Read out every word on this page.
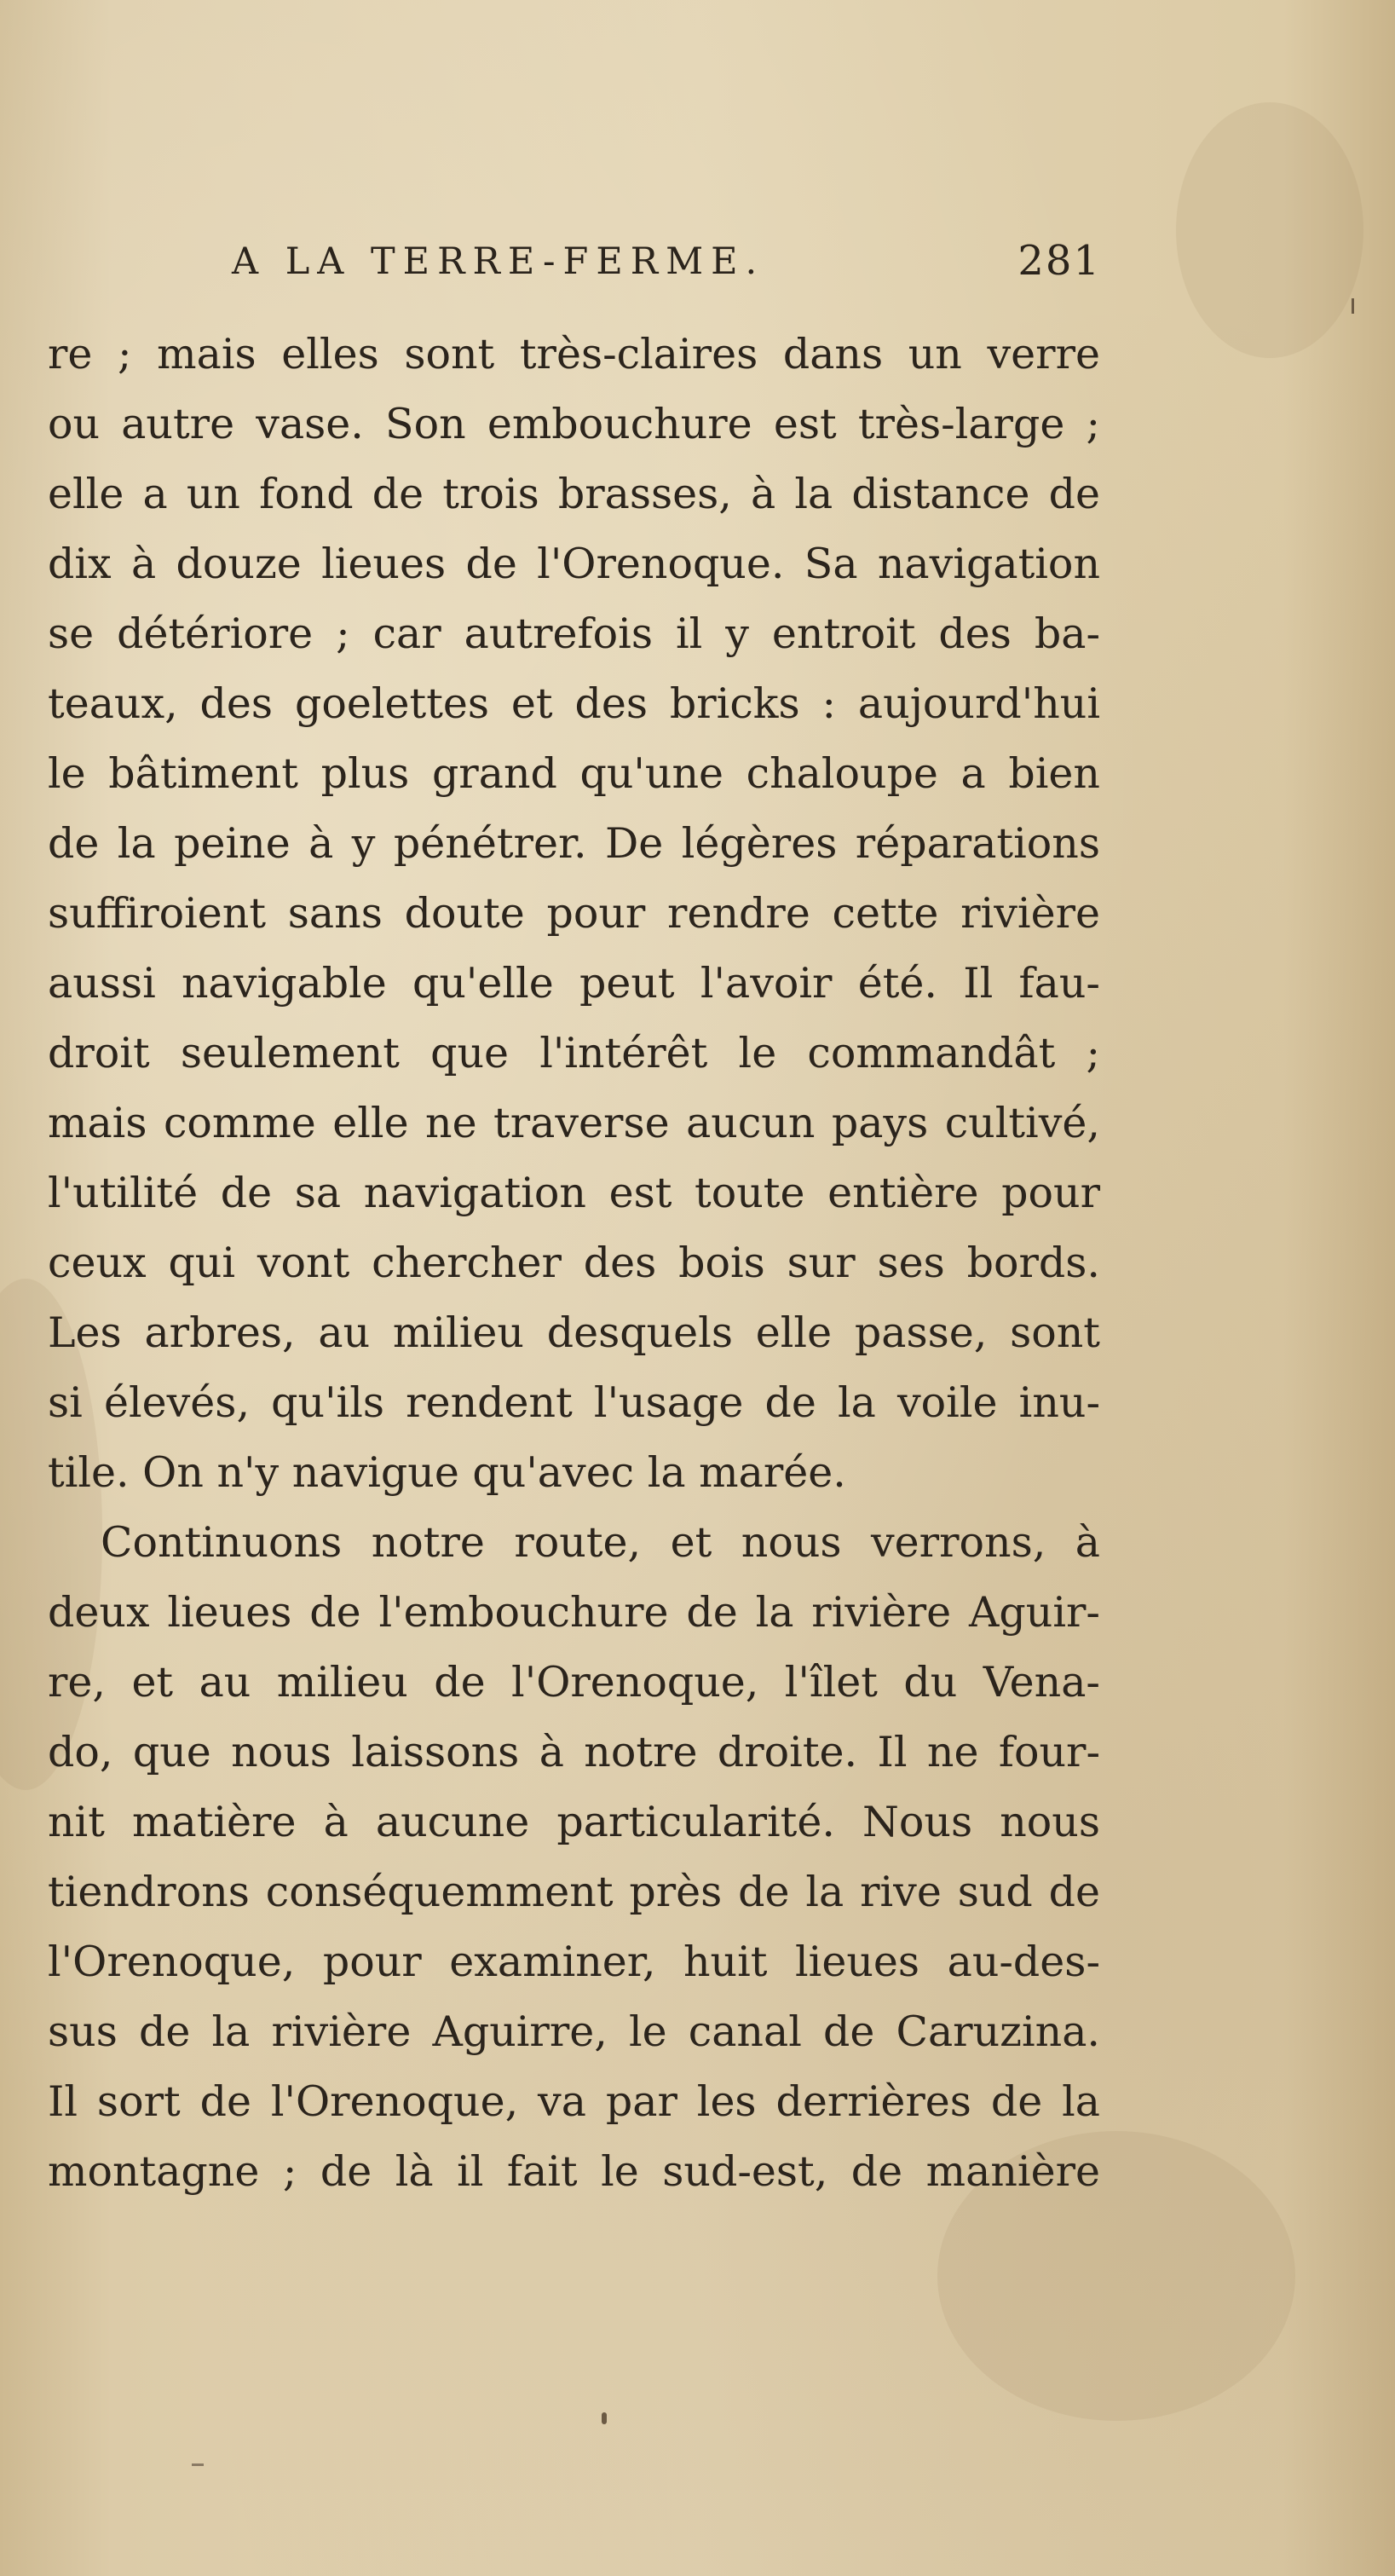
A LA TERRE-FERME.	281
re ; mais elles sont très-claires dans un verre
ou autre vase. Son embouchure est très-large ;
elle a un fond de trois brasses, à la distance de
dix à douze lieues de l'Orenoque. Sa navigation
se détériore ; car autrefois il y entroit des ba-
teaux, des goelettes et des bricks : aujourd'hui
le bâtiment plus grand qu'une chaloupe a bien
de la peine à y pénétrer. De légères réparations
suffiroient sans doute pour rendre cette rivière
aussi navigable qu'elle peut l'avoir été. Il fau-
droit seulement que l'intérêt le commandât ;
mais comme elle ne traverse aucun pays cultivé,
l'utilité de sa navigation est toute entière pour
ceux qui vont chercher des bois sur ses bords.
Les arbres, au milieu desquels elle passe, sont
si élevés, qu'ils rendent l'usage de la voile inu-
tile. On n'y navigue qu'avec la marée.
Continuons notre route, et nous verrons, à
deux lieues de l'embouchure de la rivière Aguir-
re, et au milieu de l'Orenoque, l'îlet du Vena-
do, que nous laissons à notre droite. Il ne four-
nit matière à aucune particularité. Nous nous
tiendrons conséquemment près de la rive sud de
l'Orenoque, pour examiner, huit lieues au-des-
sus de la rivière Aguirre, le canal de Caruzina.
Il sort de l'Orenoque, va par les derrières de la
montagne ; de là il fait le sud-est, de manière
